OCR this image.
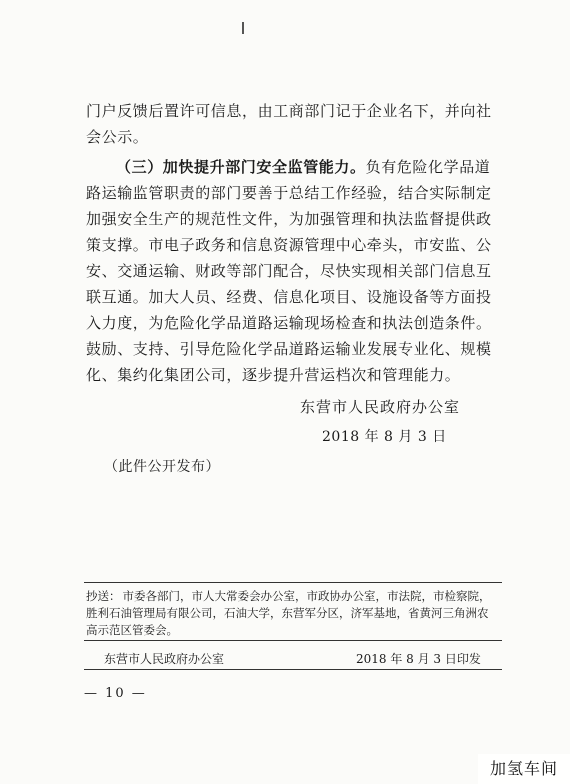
门户反馈后置许可信息，由工商部门记于企业名下，并向社会公示。
（三）加快提升部门安全监管能力。负有危险化学品道路运输监管职责的部门要善于总结工作经验，结合实际制定加强安全生产的规范性文件，为加强管理和执法监督提供政策支撑。市电子政务和信息资源管理中心牵头，市安监、公安、交通运输、财政等部门配合，尽快实现相关部门信息互联互通。加大人员、经费、信息化项目、设施设备等方面投入力度，为危险化学品道路运输现场检查和执法创造条件。鼓励、支持、引导危险化学品道路运输业发展专业化、规模化、集约化集团公司，逐步提升营运档次和管理能力。
东营市人民政府办公室
2018 年 8 月 3 日
（此件公开发布）
抄送： 市委各部门，市人大常委会办公室，市政协办公室，市法院，市检察院，胜利石油管理局有限公司，石油大学，东营军分区，济军基地，省黄河三角洲农高示范区管委会。
东营市人民政府办公室	2018 年 8 月 3 日印发
— 10 —
加氢车间
